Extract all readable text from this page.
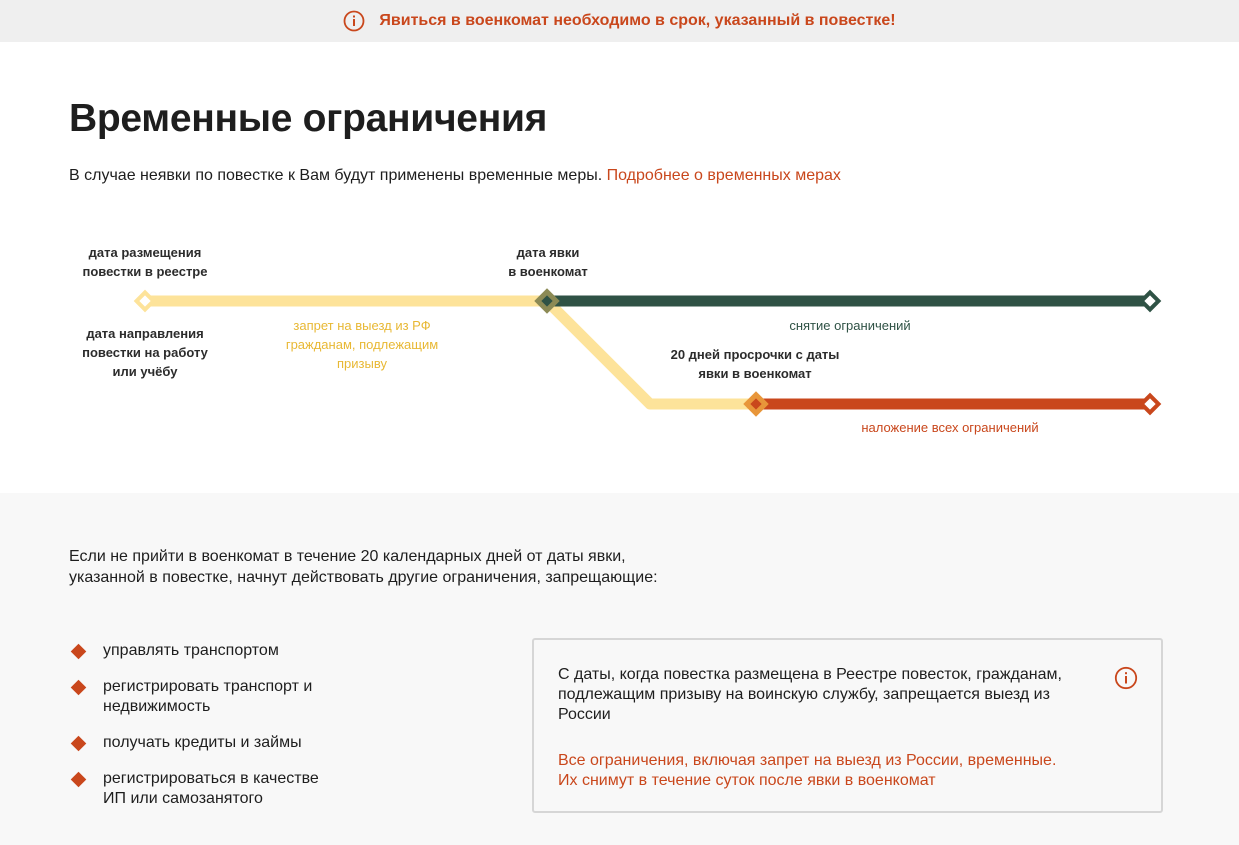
Явиться в военкомат необходимо в срок, указанный в повестке!
Временные ограничения

В случае неявки по повестке к Вам будут применены временные меры. Подробнее о временных мерах

дата размещения
повестки в реестре
дата направления
повестки на работу
или учёбу
запрет на выезд из РФ
гражданам, подлежащим
призыву
дата явки
в военкомат
снятие ограничений
20 дней просрочки с даты
явки в военкомат
наложение всех ограничений
Если не прийти в военкомат в течение 20 календарных дней от даты явки,
указанной в повестке, начнут действовать другие ограничения, запрещающие:
управлять транспортом
регистрировать транспорт и
недвижимость
получать кредиты и займы
регистрироваться в качестве
ИП или самозанятого
С даты, когда повестка размещена в Реестре повесток, гражданам, подлежащим призыву на воинскую службу, запрещается выезд из России
Все ограничения, включая запрет на выезд из России, временные.
Их снимут в течение суток после явки в военкомат
